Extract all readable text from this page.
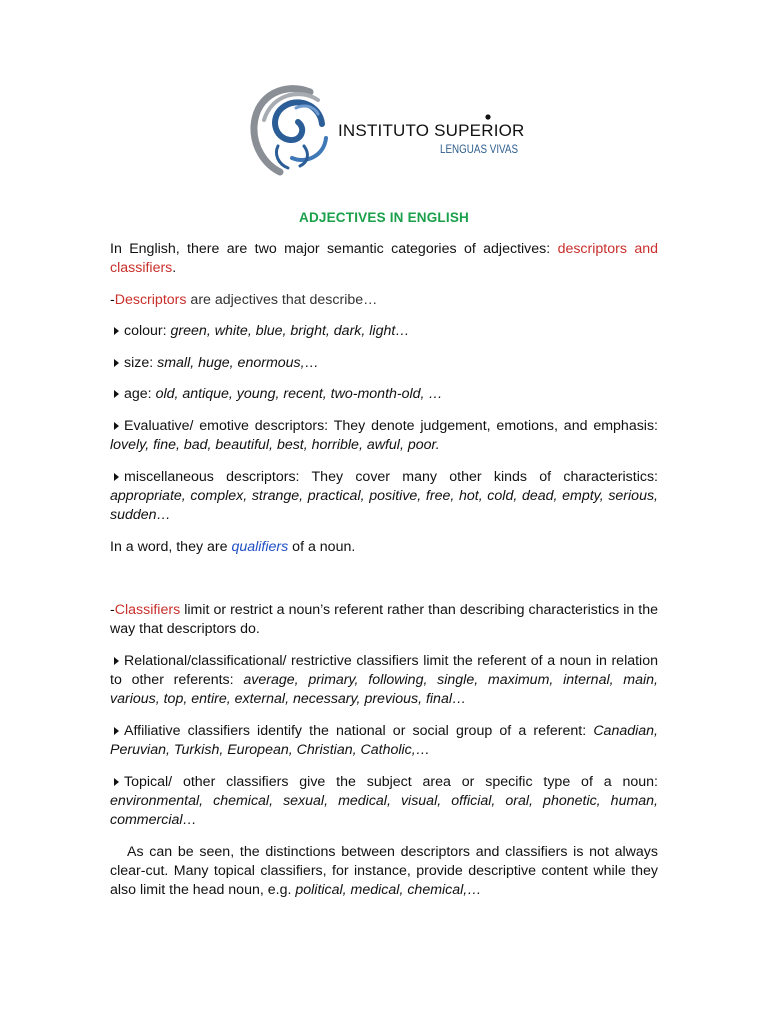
INSTITUTO SUPERIOR
LENGUAS VIVAS

ADJECTIVES IN ENGLISH

In English, there are two major semantic categories of adjectives: descriptors and classifiers.

-Descriptors are adjectives that describe…

colour: green, white, blue, bright, dark, light…

size: small, huge, enormous,…

age: old, antique, young, recent, two-month-old, …

Evaluative/ emotive descriptors: They denote judgement, emotions, and emphasis: lovely, fine, bad, beautiful, best, horrible, awful, poor.

miscellaneous descriptors: They cover many other kinds of characteristics: appropriate, complex, strange, practical, positive, free, hot, cold, dead, empty, serious, sudden…

In a word, they are qualifiers of a noun.

-Classifiers limit or restrict a noun’s referent rather than describing characteristics in the way that descriptors do.

Relational/classificational/ restrictive classifiers limit the referent of a noun in relation to other referents: average, primary, following, single, maximum, internal, main, various, top, entire, external, necessary, previous, final…

Affiliative classifiers identify the national or social group of a referent: Canadian, Peruvian, Turkish, European, Christian, Catholic,…

Topical/ other classifiers give the subject area or specific type of a noun: environmental, chemical, sexual, medical, visual, official, oral, phonetic, human, commercial…

As can be seen, the distinctions between descriptors and classifiers is not always clear-cut. Many topical classifiers, for instance, provide descriptive content while they also limit the head noun, e.g. political, medical, chemical,…
